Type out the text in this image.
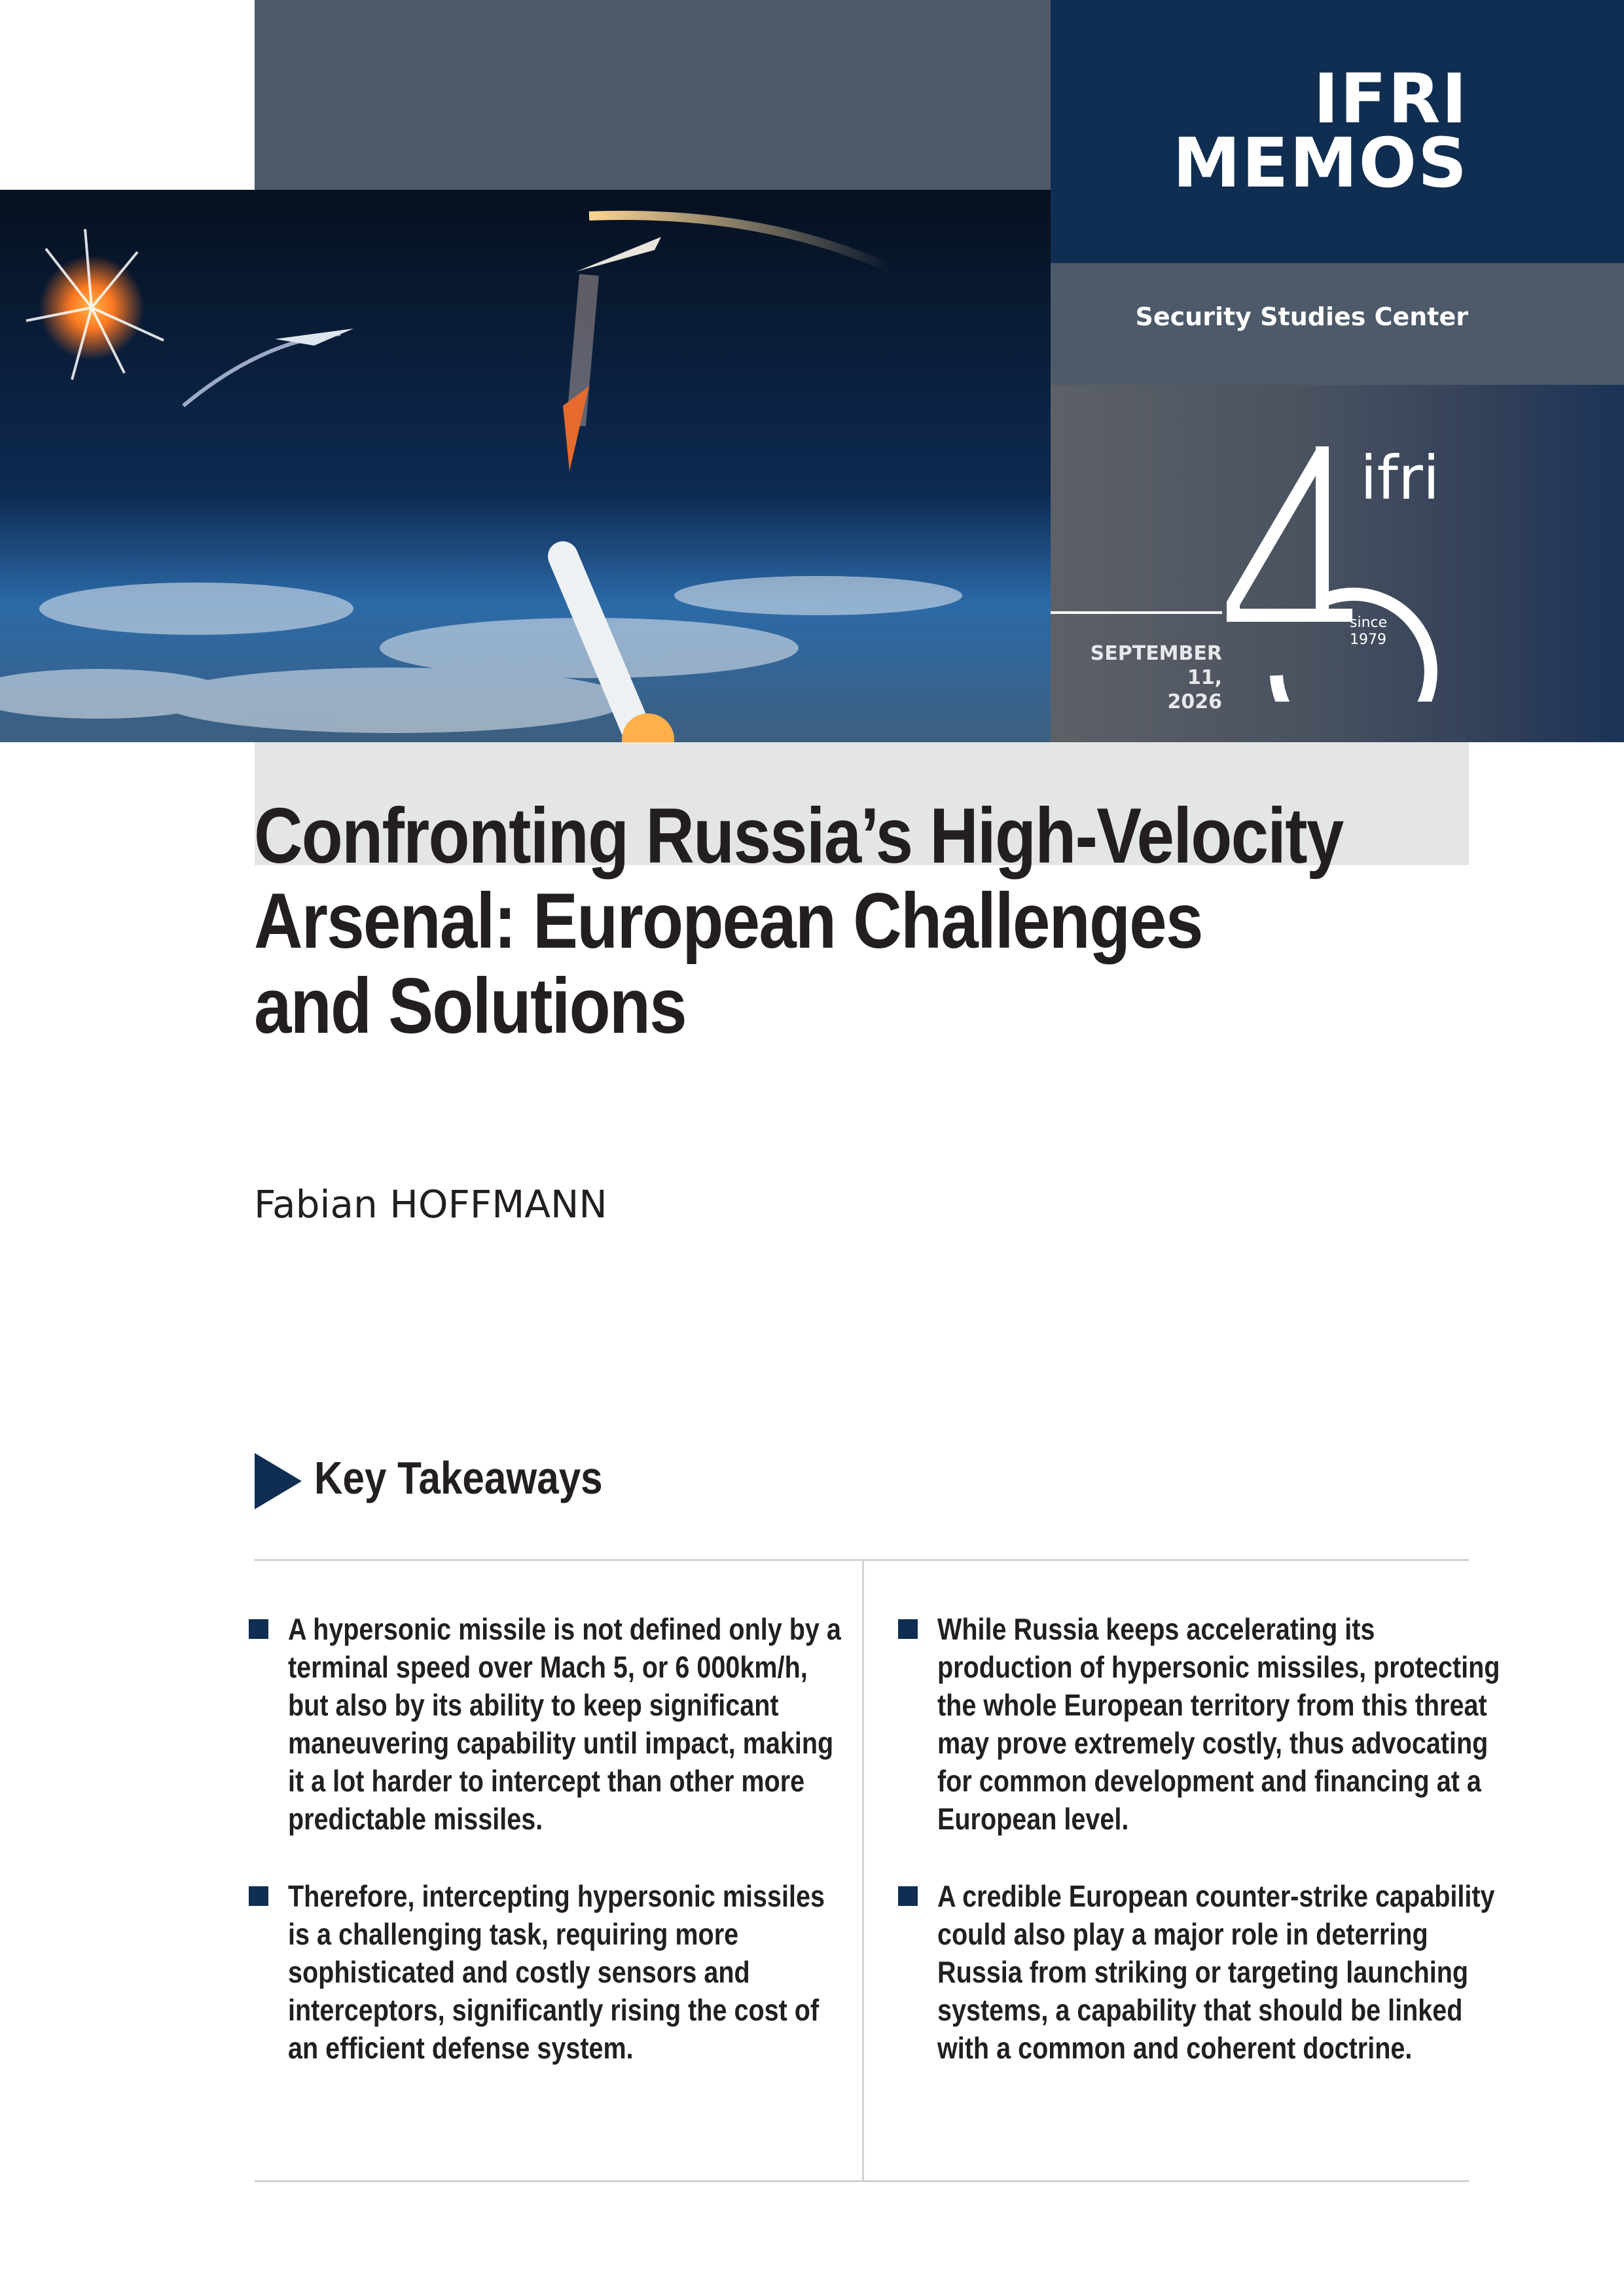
IFRI
MEMOS
Security Studies Center
SEPTEMBER
11,
2026
ifri
since
1979
Confronting Russia’s High-Velocity
Arsenal: European Challenges
and Solutions
Fabian HOFFMANN
Key Takeaways
A hypersonic missile is not defined only by a terminal speed over Mach 5, or 6 000km/h, but also by its ability to keep significant maneuvering capability until impact, making it a lot harder to intercept than other more predictable missiles.
Therefore, intercepting hypersonic missiles is a challenging task, requiring more sophisticated and costly sensors and interceptors, significantly rising the cost of an efficient defense system.
While Russia keeps accelerating its production of hypersonic missiles, protecting the whole European territory from this threat may prove extremely costly, thus advocating for common development and financing at a European level.
A credible European counter-strike capability could also play a major role in deterring Russia from striking or targeting launching systems, a capability that should be linked with a common and coherent doctrine.
